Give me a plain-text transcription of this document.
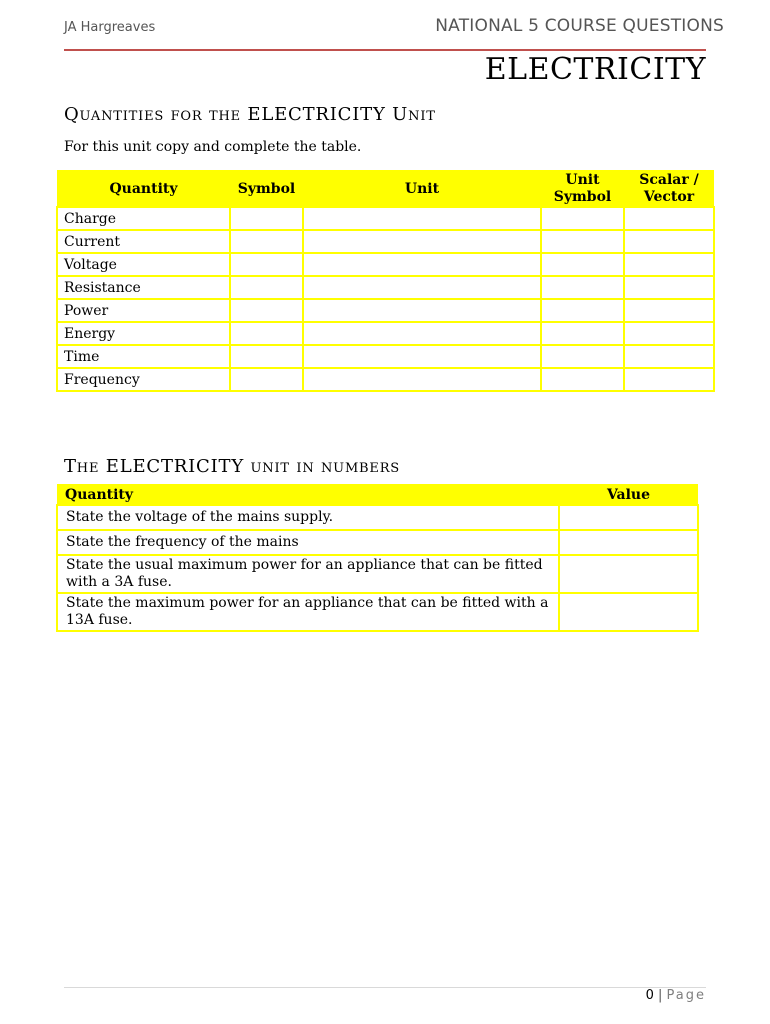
JA Hargreaves	NATIONAL 5 COURSE QUESTIONS
ELECTRICITY
Quantities for the ELECTRICITY Unit
For this unit copy and complete the table.
Quantity	Symbol	Unit	Unit Symbol	Scalar / Vector
Charge				
Current				
Voltage				
Resistance				
Power				
Energy				
Time				
Frequency				
The ELECTRICITY unit in numbers
Quantity	Value
State the voltage of the mains supply.	
State the frequency of the mains	
State the usual maximum power for an appliance that can be fitted with a 3A fuse.	
State the maximum power for an appliance that can be fitted with a 13A fuse.	
0 | Page
